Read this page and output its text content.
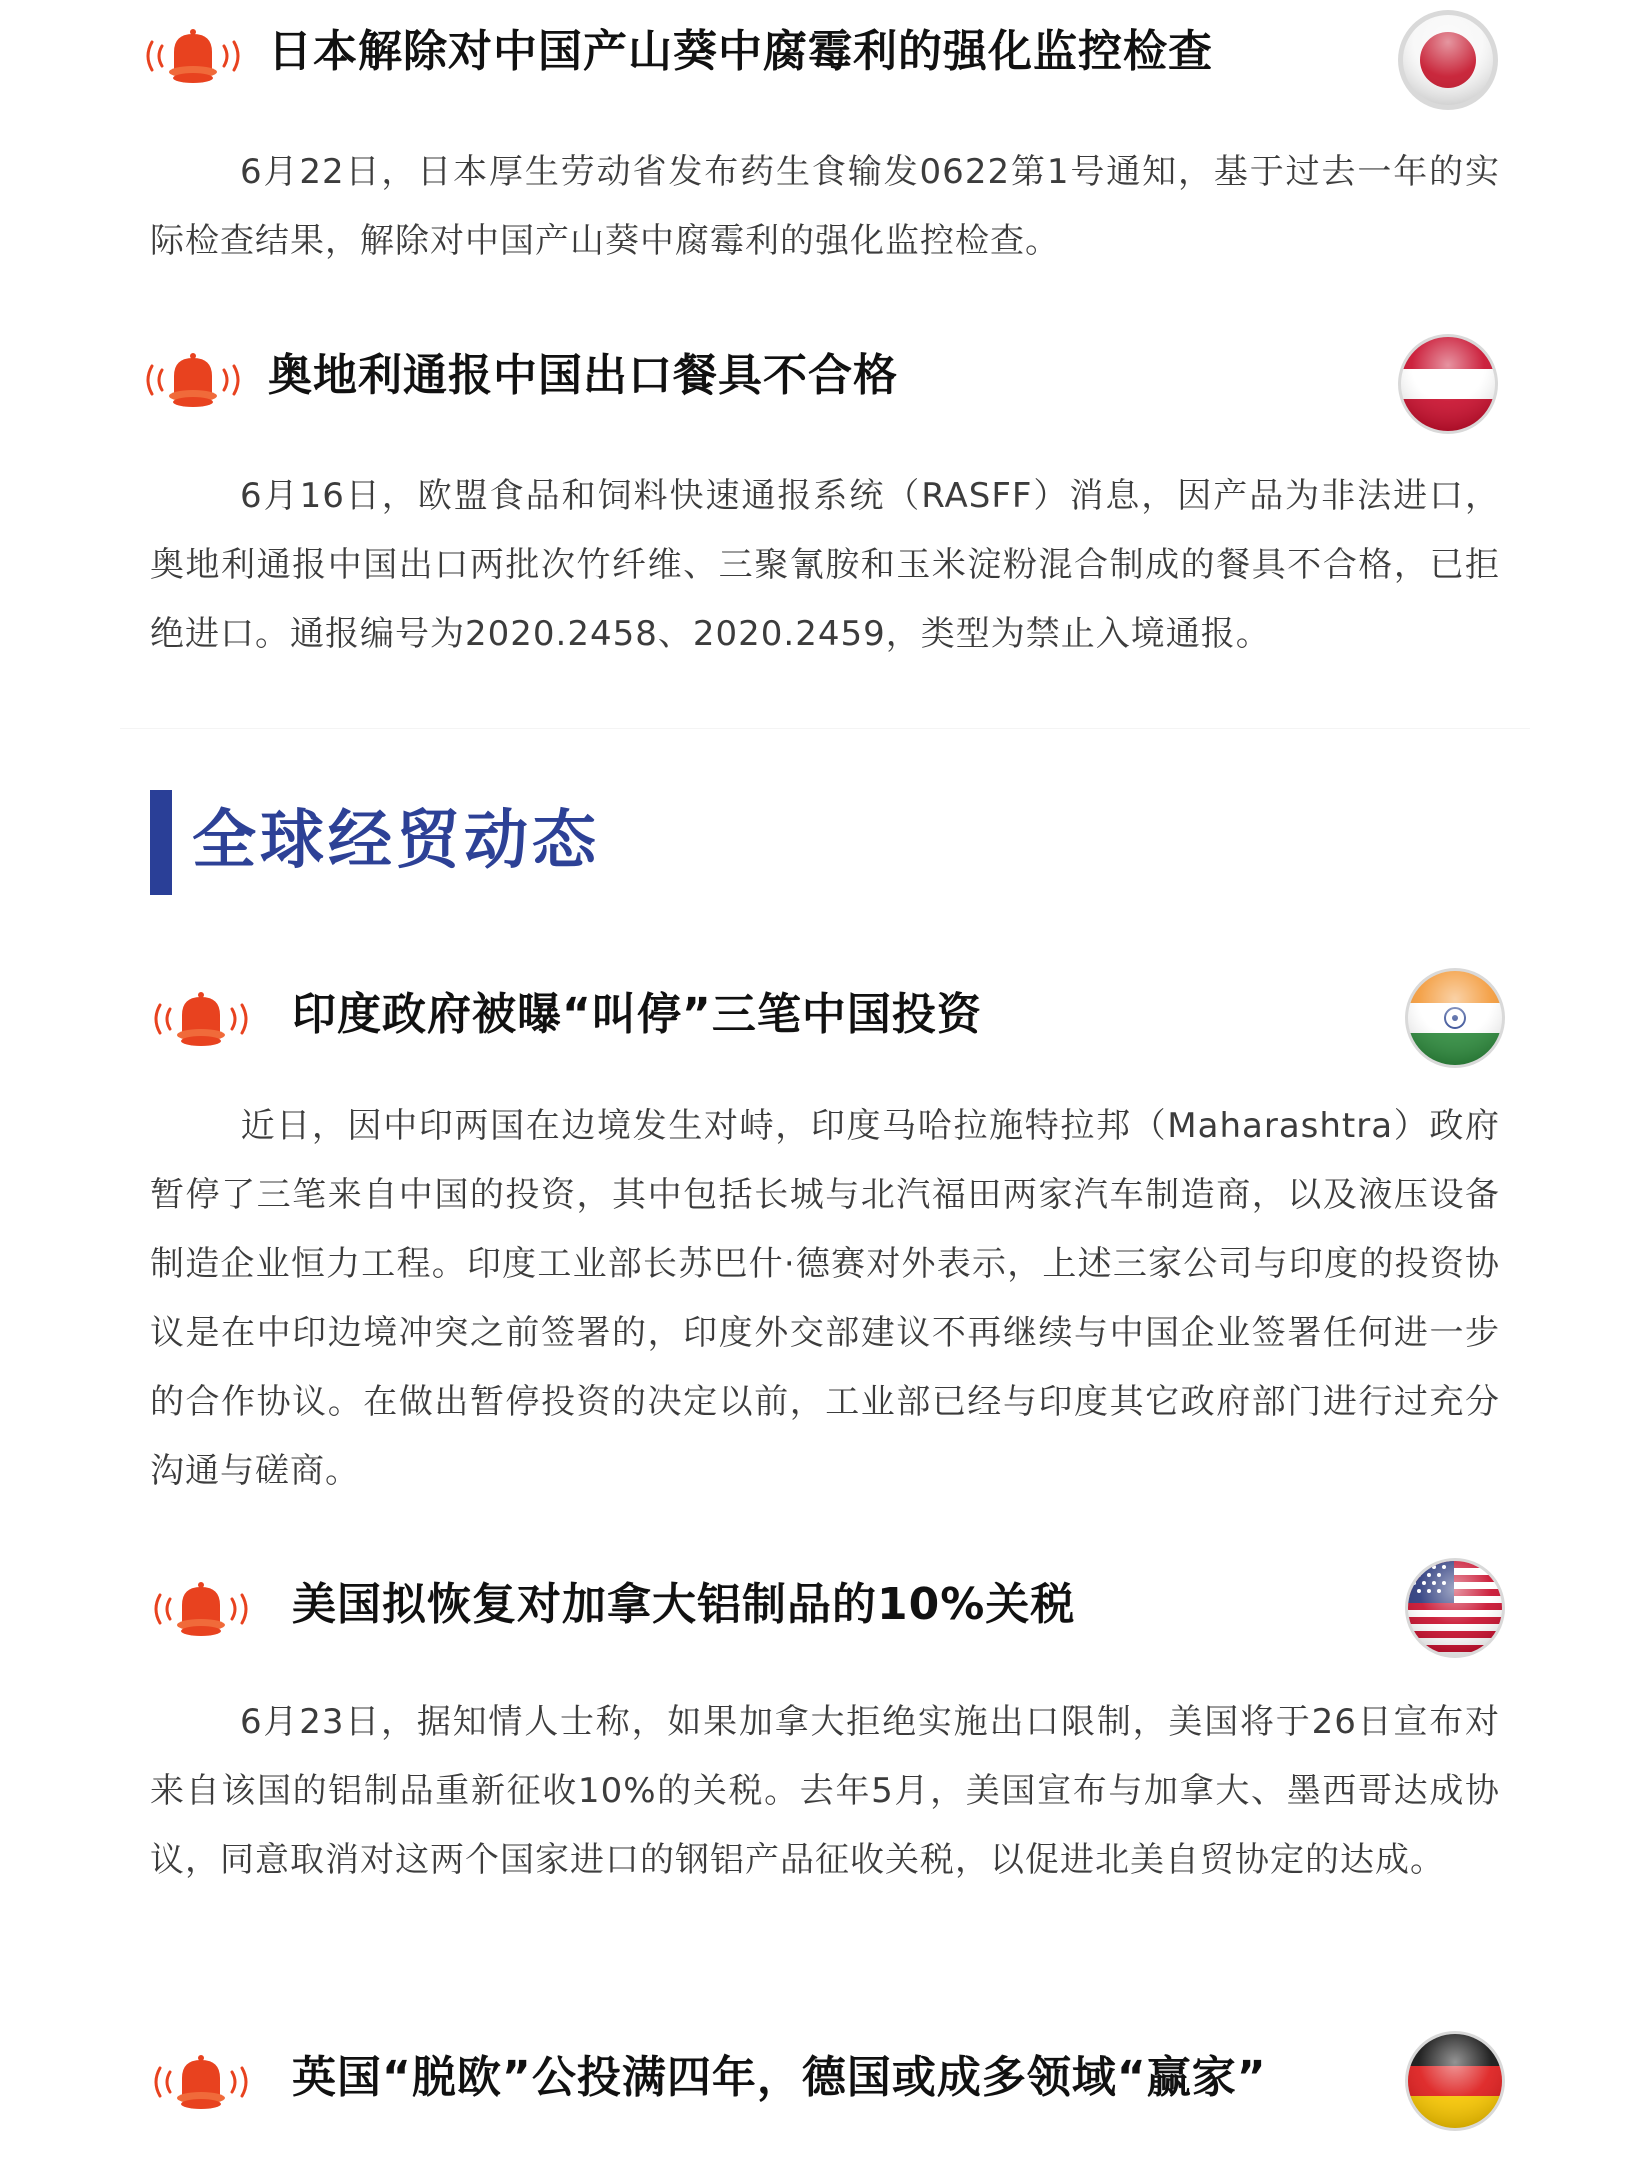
日本解除对中国产山葵中腐霉利的强化监控检查

6月22日，日本厚生劳动省发布药生食输发0622第1号通知，基于过去一年的实际检查结果，解除对中国产山葵中腐霉利的强化监控检查。

奥地利通报中国出口餐具不合格

6月16日，欧盟食品和饲料快速通报系统（RASFF）消息，因产品为非法进口，奥地利通报中国出口两批次竹纤维、三聚氰胺和玉米淀粉混合制成的餐具不合格，已拒绝进口。通报编号为2020.2458、2020.2459，类型为禁止入境通报。

全球经贸动态
印度政府被曝“叫停”三笔中国投资

近日，因中印两国在边境发生对峙，印度马哈拉施特拉邦（Maharashtra）政府暂停了三笔来自中国的投资，其中包括长城与北汽福田两家汽车制造商，以及液压设备制造企业恒力工程。印度工业部长苏巴什·德赛对外表示，上述三家公司与印度的投资协议是在中印边境冲突之前签署的，印度外交部建议不再继续与中国企业签署任何进一步的合作协议。在做出暂停投资的决定以前，工业部已经与印度其它政府部门进行过充分沟通与磋商。

美国拟恢复对加拿大铝制品的10%关税

6月23日，据知情人士称，如果加拿大拒绝实施出口限制，美国将于26日宣布对来自该国的铝制品重新征收10%的关税。去年5月，美国宣布与加拿大、墨西哥达成协议，同意取消对这两个国家进口的钢铝产品征收关税，以促进北美自贸协定的达成。

英国“脱欧”公投满四年，德国或成多领域“赢家”
